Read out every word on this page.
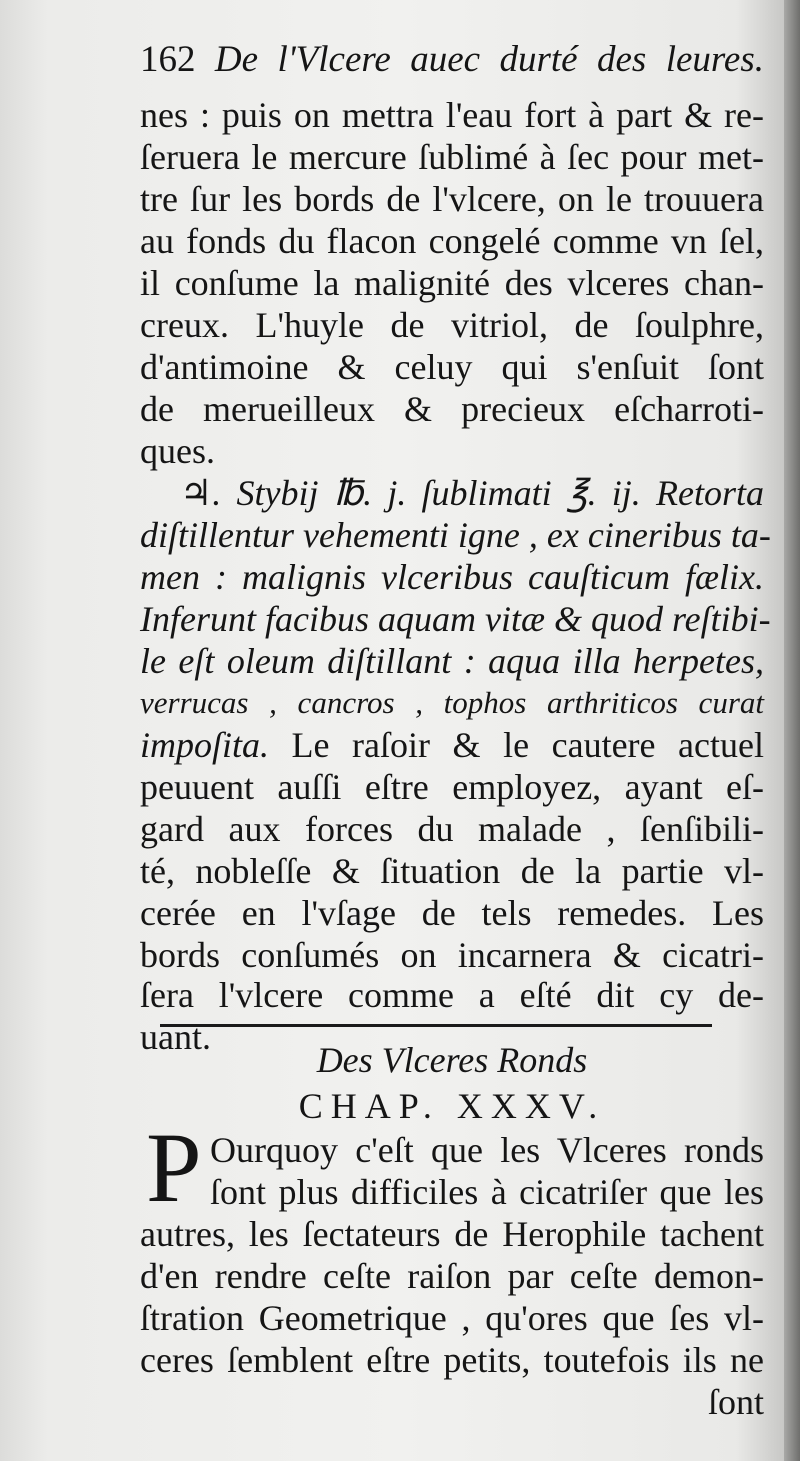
162 De l'Vlcere auec durté des leures.
nes : puis on mettra l'eau fort à part & re-
ſeruera le mercure ſublimé à ſec pour met-
tre ſur les bords de l'vlcere, on le trouuera
au fonds du flacon congelé comme vn ſel,
il conſume la malignité des vlceres chan-
creux. L'huyle de vitriol, de ſoulphre,
d'antimoine & celuy qui s'enſuit ſont
de merueilleux & precieux eſcharroti-
ques.
♃. Stybij ℔. j. ſublimati ℥. ij. Retorta
diſtillentur vehementi igne , ex cineribus ta-
men : malignis vlceribus cauſticum fælix.
Inferunt facibus aquam vitæ & quod reſtibi-
le eſt oleum diſtillant : aqua illa herpetes,
verrucas , cancros , tophos arthriticos curat
impoſita. Le raſoir & le cautere actuel
peuuent auſſi eſtre employez, ayant eſ-
gard aux forces du malade , ſenſibili-
té, nobleſſe & ſituation de la partie vl-
cerée en l'vſage de tels remedes. Les
bords conſumés on incarnera & cicatri-
ſera l'vlcere comme a eſté dit cy de-
Des Vlceres Ronds
CHAP. XXXV.
P Ourquoy c'eſt que les Vlceres ronds
ſont plus difficiles à cicatriſer que les
autres, les ſectateurs de Herophile tachent
d'en rendre ceſte raiſon par ceſte demon-
ſtration Geometrique , qu'ores que ſes vl-
ceres ſemblent eſtre petits, toutefois ils ne
ſont
uant.
